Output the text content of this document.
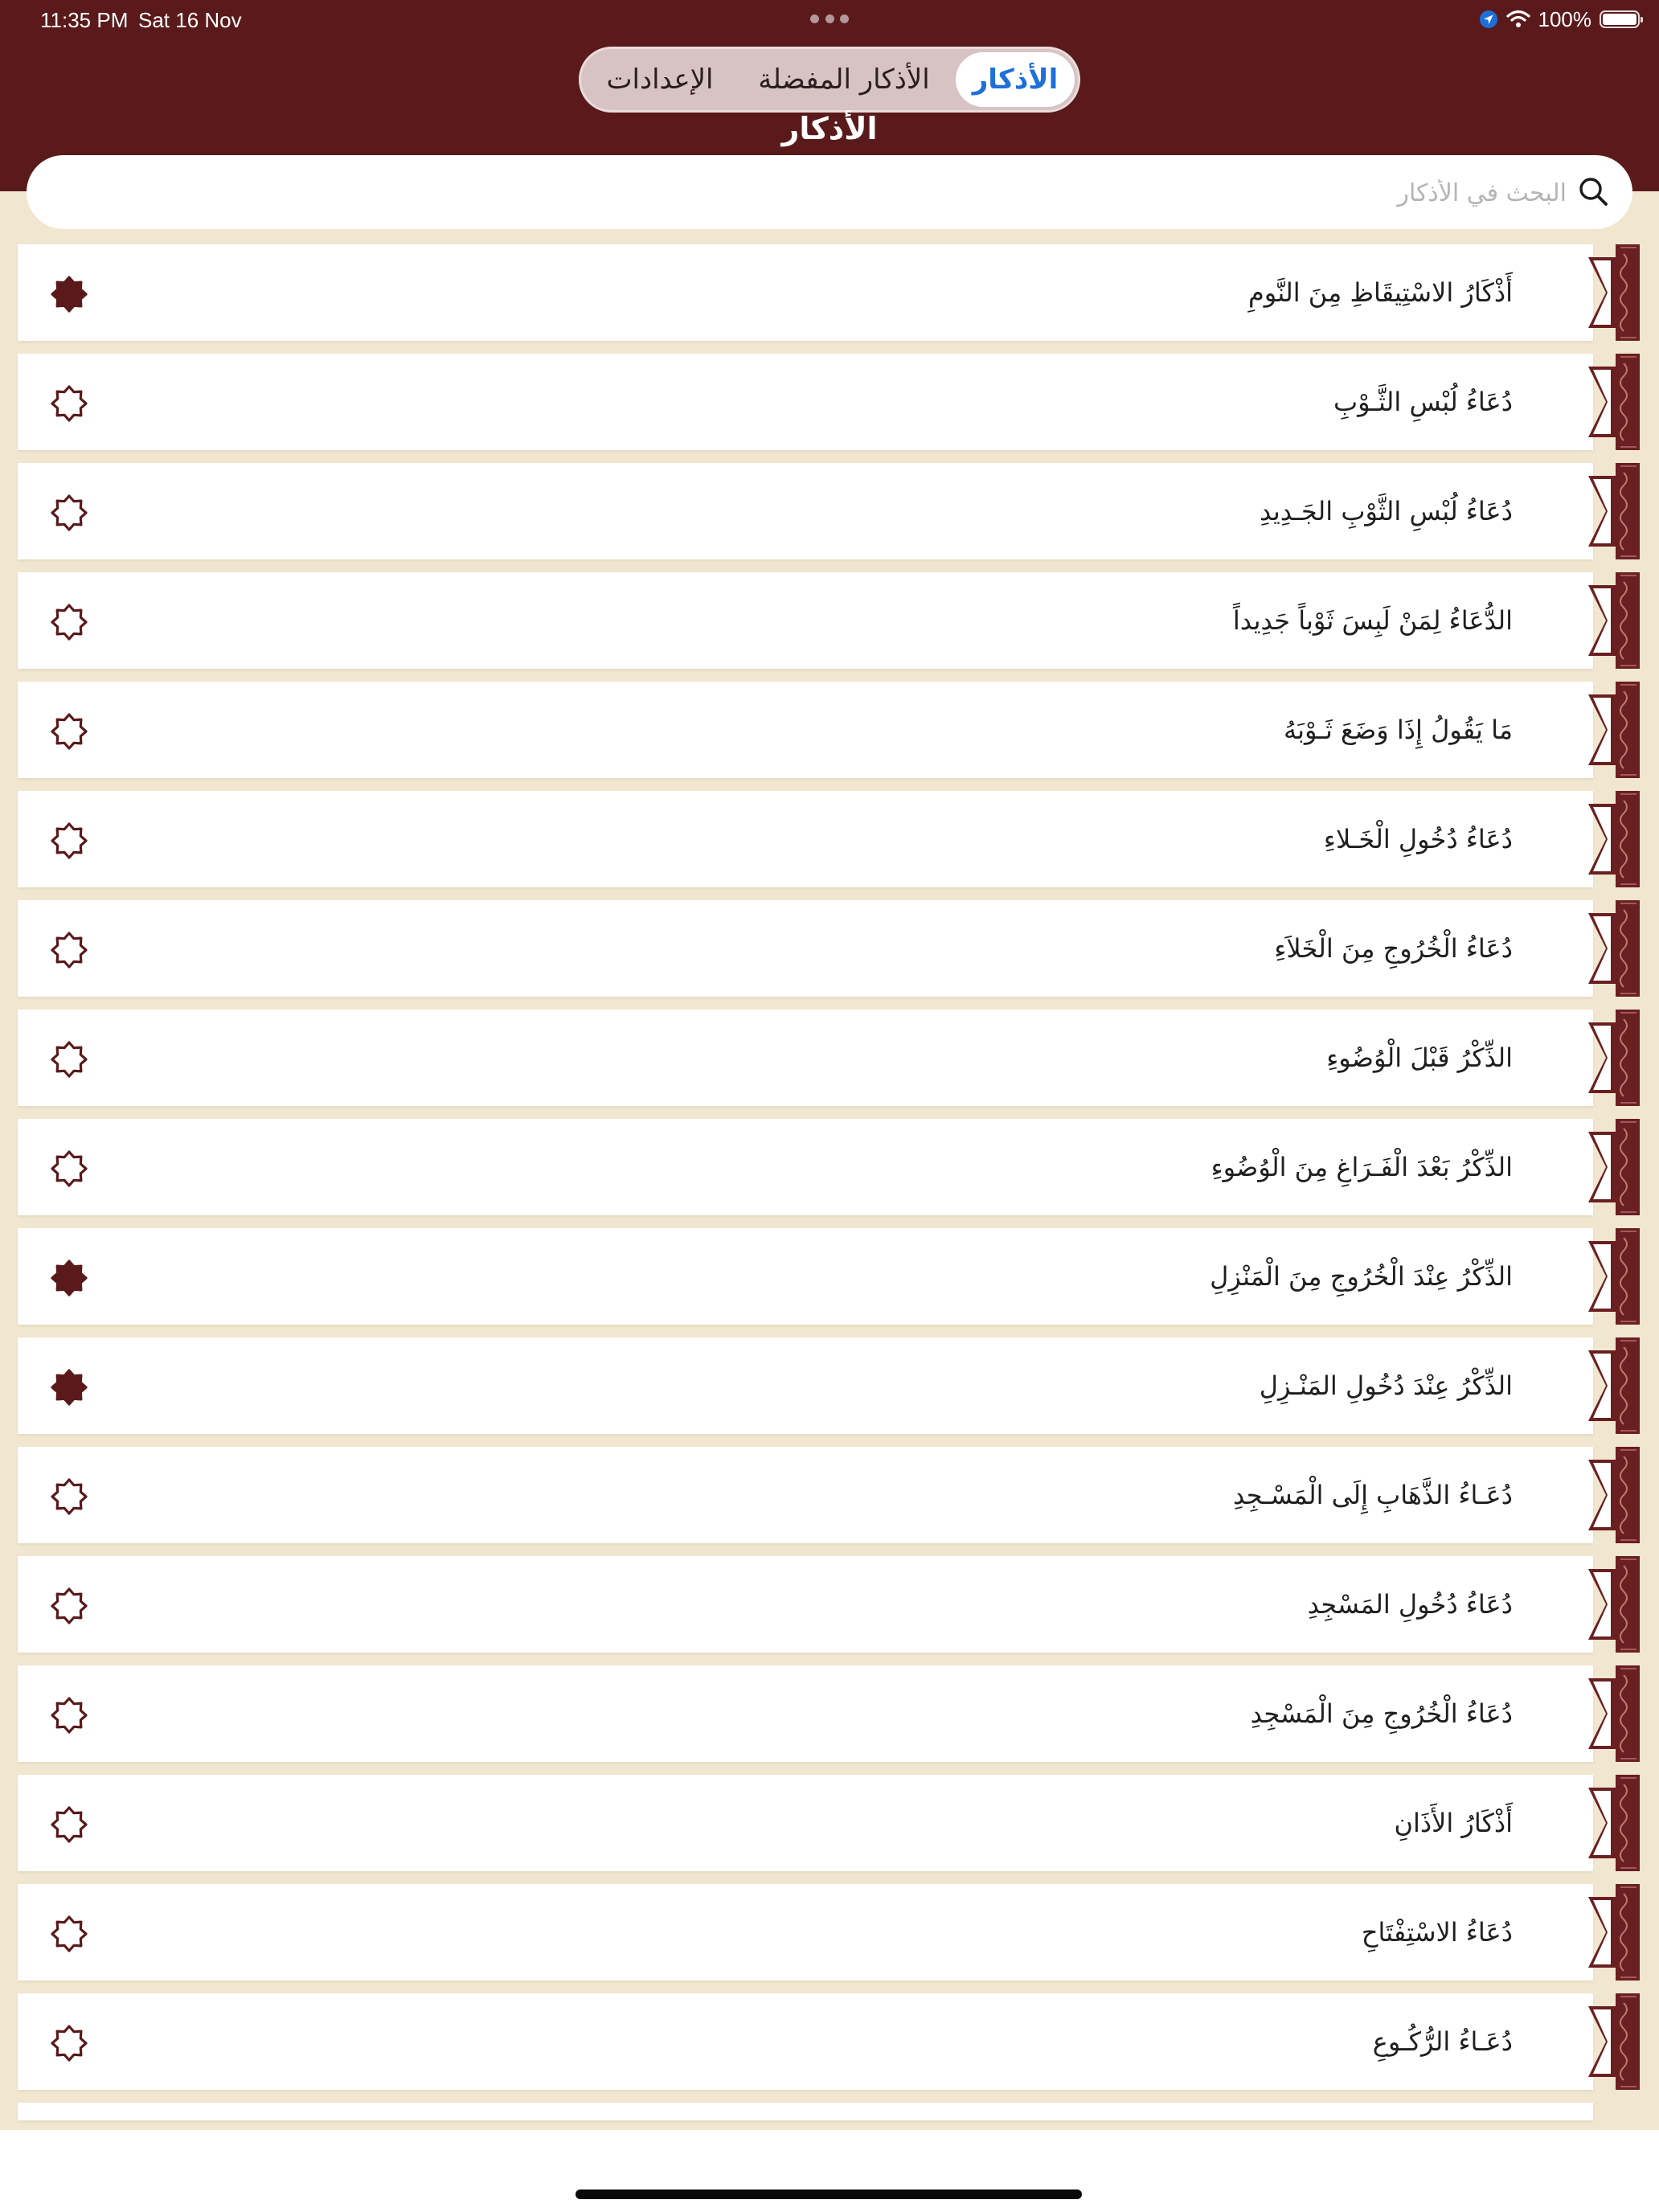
11:35 PM Sat 16 Nov	100%
الأذكار
الأذكار المفضلة
الإعدادات
الأذكار
البحث في الأذكار
أَذْكَارُ الاسْتِيقَاظِ مِنَ النَّومِ
دُعَاءُ لُبْسِ الثَّـوْبِ
دُعَاءُ لُبْسِ الثَّوْبِ الجَـدِيدِ
الدُّعَاءُ لِمَنْ لَبِسَ ثَوْباً جَدِيداً
مَا يَقُولُ إِذَا وَضَعَ ثَـوْبَهُ
دُعَاءُ دُخُولِ الْخَـلاءِ
دُعَاءُ الْخُرُوجِ مِنَ الْخَلاَءِ
الذِّكْرُ قَبْلَ الْوُضُوءِ
الذِّكْرُ بَعْدَ الْفَـرَاغِ مِنَ الْوُضُوءِ
الذِّكْرُ عِنْدَ الْخُرُوجِ مِنَ الْمَنْزِلِ
الذِّكْرُ عِنْدَ دُخُولِ المَنْـزِلِ
دُعَـاءُ الذَّهَابِ إِلَى الْمَسْـجِدِ
دُعَاءُ دُخُولِ المَسْجِدِ
دُعَاءُ الْخُرُوجِ مِنَ الْمَسْجِدِ
أَذْكَارُ الأَذَانِ
دُعَاءُ الاسْتِفْتَاحِ
دُعَـاءُ الرُّكُـوعِ
